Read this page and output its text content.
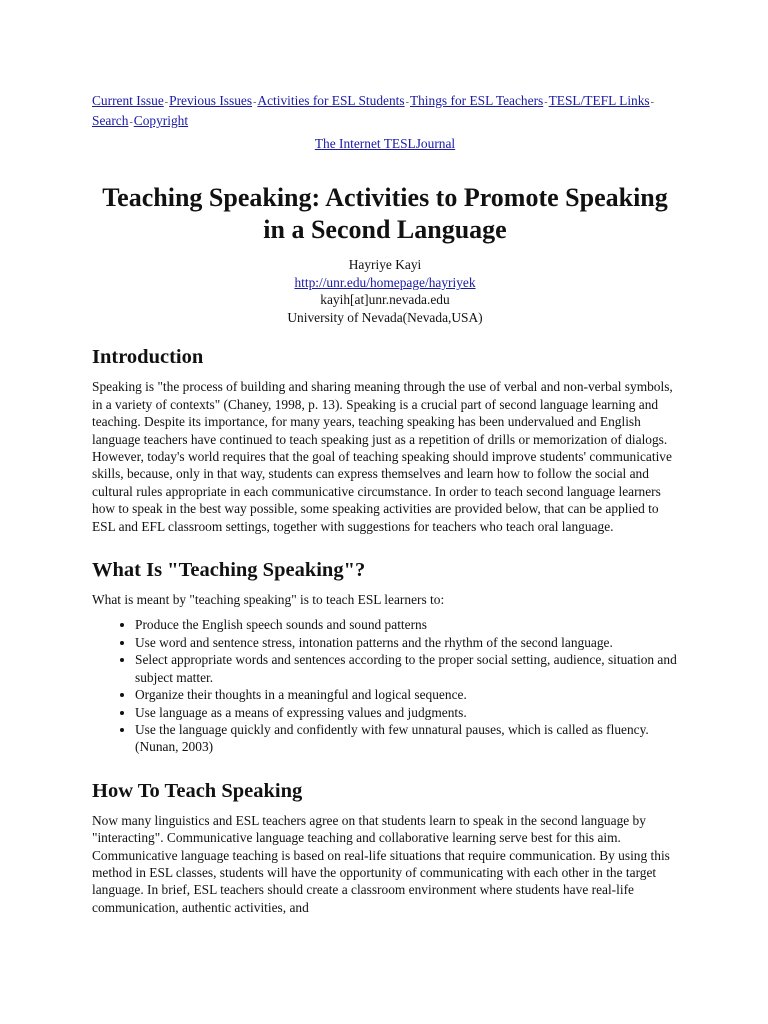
Current Issue-Previous Issues-Activities for ESL Students-Things for ESL Teachers-TESL/TEFL Links-Search-Copyright
The Internet TESLJournal
Teaching Speaking: Activities to Promote Speaking in a Second Language
Hayriye Kayi
http://unr.edu/homepage/hayriyek
kayih[at]unr.nevada.edu
University of Nevada(Nevada,USA)
Introduction

Speaking is "the process of building and sharing meaning through the use of verbal and non-verbal symbols, in a variety of contexts" (Chaney, 1998, p. 13). Speaking is a crucial part of second language learning and teaching. Despite its importance, for many years, teaching speaking has been undervalued and English language teachers have continued to teach speaking just as a repetition of drills or memorization of dialogs. However, today's world requires that the goal of teaching speaking should improve students' communicative skills, because, only in that way, students can express themselves and learn how to follow the social and cultural rules appropriate in each communicative circumstance. In order to teach second language learners how to speak in the best way possible, some speaking activities are provided below, that can be applied to ESL and EFL classroom settings, together with suggestions for teachers who teach oral language.

What Is "Teaching Speaking"?

What is meant by "teaching speaking" is to teach ESL learners to:

• Produce the English speech sounds and sound patterns
• Use word and sentence stress, intonation patterns and the rhythm of the second language.
• Select appropriate words and sentences according to the proper social setting, audience, situation and subject matter.
• Organize their thoughts in a meaningful and logical sequence.
• Use language as a means of expressing values and judgments.
• Use the language quickly and confidently with few unnatural pauses, which is called as fluency. (Nunan, 2003)
How To Teach Speaking

Now many linguistics and ESL teachers agree on that students learn to speak in the second language by "interacting". Communicative language teaching and collaborative learning serve best for this aim. Communicative language teaching is based on real-life situations that require communication. By using this method in ESL classes, students will have the opportunity of communicating with each other in the target language. In brief, ESL teachers should create a classroom environment where students have real-life communication, authentic activities, and
